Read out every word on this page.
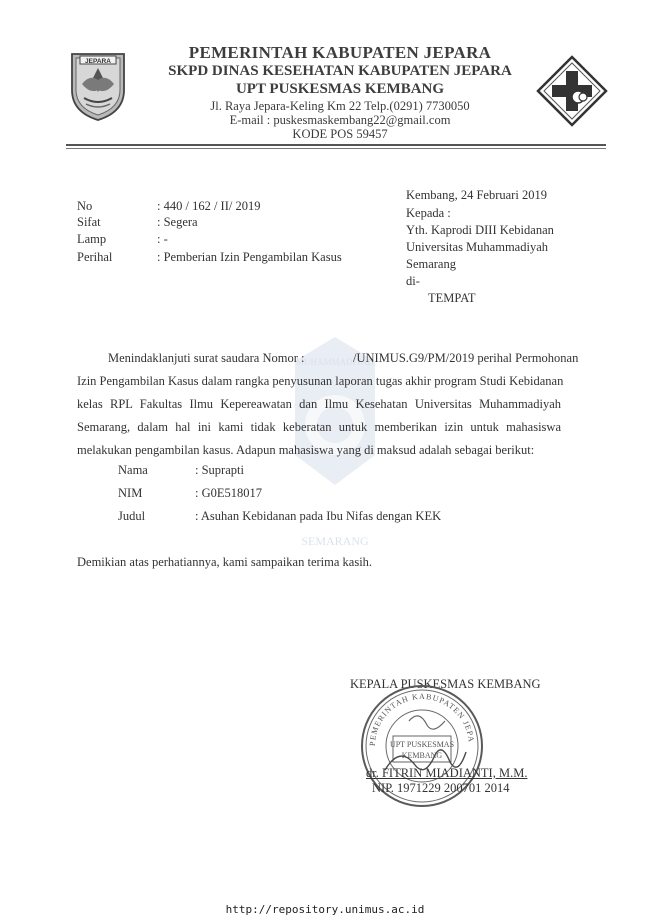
JEPARA	PEMERINTAH KABUPATEN JEPARA
SKPD DINAS KESEHATAN KABUPATEN JEPARA
UPT PUSKESMAS KEMBANG
Jl. Raya Jepara-Keling Km 22 Telp.(0291) 7730050
E-mail : puskesmaskembang22@gmail.com
KODE POS 59457
MUHAMMADIYAH
SEMARANG
No	: 440 / 162 / II/ 2019
Sifat	: Segera
Lamp	: -
Perihal	: Pemberian Izin Pengambilan Kasus
Kembang, 24 Februari 2019
Kepada :
Yth. Kaprodi DIII Kebidanan
Universitas Muhammadiyah
Semarang
di-
TEMPAT
Menindaklanjuti surat saudara Nomor :	/UNIMUS.G9/PM/2019 perihal Permohonan
Izin Pengambilan Kasus dalam rangka penyusunan laporan tugas akhir program Studi Kebidanan
kelas RPL Fakultas Ilmu Kepereawatan dan Ilmu Kesehatan Universitas Muhammadiyah
Semarang, dalam hal ini kami tidak keberatan untuk memberikan izin untuk mahasiswa
melakukan pengambilan kasus. Adapun mahasiswa yang di maksud adalah sebagai berikut:
Nama	: Suprapti
NIM	: G0E518017
Judul	: Asuhan Kebidanan pada Ibu Nifas dengan KEK
Demikian atas perhatiannya, kami sampaikan terima kasih.
KEPALA PUSKESMAS KEMBANG
PEMERINTAH KABUPATEN JEPA
UPT PUSKESMAS
KEMBANG
dr. FITRIN MIADIANTI, M.M.
NIP. 1971229 200701 2014
http://repository.unimus.ac.id
